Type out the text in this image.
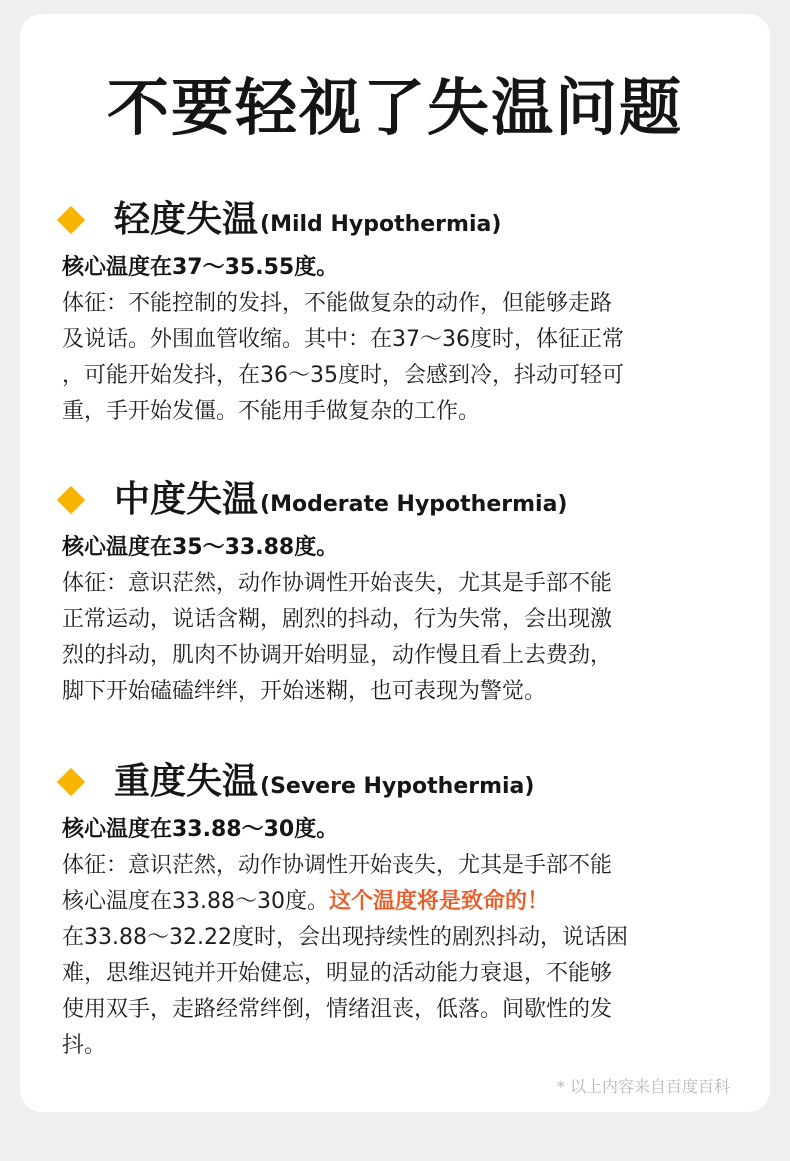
不要轻视了失温问题
轻度失温(Mild Hypothermia)
核心温度在37～35.55度。

体征：不能控制的发抖，不能做复杂的动作，但能够走路
及说话。外围血管收缩。其中：在37～36度时，体征正常
，可能开始发抖，在36～35度时，会感到冷，抖动可轻可
重，手开始发僵。不能用手做复杂的工作。

中度失温(Moderate Hypothermia)
核心温度在35～33.88度。

体征：意识茫然，动作协调性开始丧失，尤其是手部不能
正常运动，说话含糊，剧烈的抖动，行为失常，会出现激
烈的抖动，肌肉不协调开始明显，动作慢且看上去费劲，
脚下开始磕磕绊绊，开始迷糊，也可表现为警觉。

重度失温(Severe Hypothermia)
核心温度在33.88～30度。

体征：意识茫然，动作协调性开始丧失，尤其是手部不能
核心温度在33.88～30度。这个温度将是致命的！
在33.88～32.22度时，会出现持续性的剧烈抖动，说话困
难，思维迟钝并开始健忘，明显的活动能力衰退，不能够
使用双手，走路经常绊倒，情绪沮丧，低落。间歇性的发
抖。

* 以上内容来自百度百科
